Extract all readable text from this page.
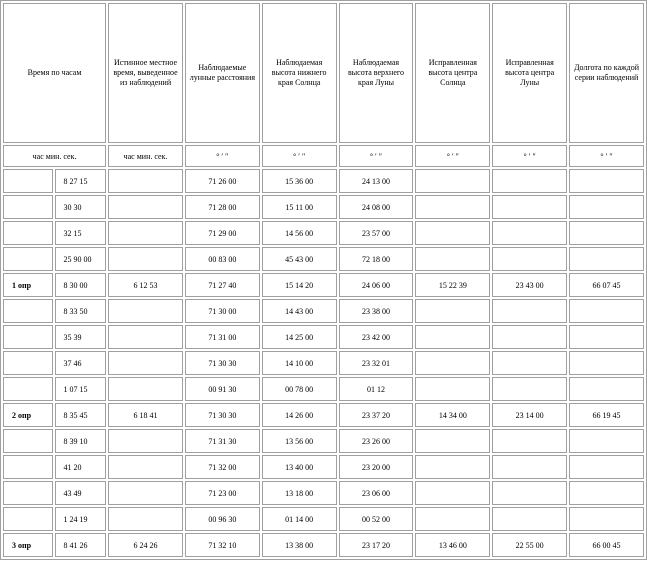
Время по часам		Истинное местное время, выведенное из наблюдений	Наблюдаемые лунные расстояния	Наблюдаемая высота нижнего края Солнца	Наблюдаемая высота верхнего края Луны	Исправленная высота центра Солнца	Исправленная высота центра Луны	Долгота по каждой серии наблюдений
час мин. сек.		час мин. сек.	° ′ ″	° ′ ″	° ′ ″	° ′ ″	° ′ ″	° ′ ″
	8 27 15		71 26 00	15 36 00	24 13 00			
	30 30		71 28 00	15 11 00	24 08 00			
	32 15		71 29 00	14 56 00	23 57 00			
	25 90 00		00 83 00	45 43 00	72 18 00			
1 опр	8 30 00	6 12 53	71 27 40	15 14 20	24 06 00	15 22 39	23 43 00	66 07 45
	8 33 50		71 30 00	14 43 00	23 38 00			
	35 39		71 31 00	14 25 00	23 42 00			
	37 46		71 30 30	14 10 00	23 32 01			
	1 07 15		00 91 30	00 78 00	01 12			
2 опр	8 35 45	6 18 41	71 30 30	14 26 00	23 37 20	14 34 00	23 14 00	66 19 45
	8 39 10		71 31 30	13 56 00	23 26 00			
	41 20		71 32 00	13 40 00	23 20 00			
	43 49		71 23 00	13 18 00	23 06 00			
	1 24 19		00 96 30	01 14 00	00 52 00			
3 опр	8 41 26	6 24 26	71 32 10	13 38 00	23 17 20	13 46 00	22 55 00	66 00 45
